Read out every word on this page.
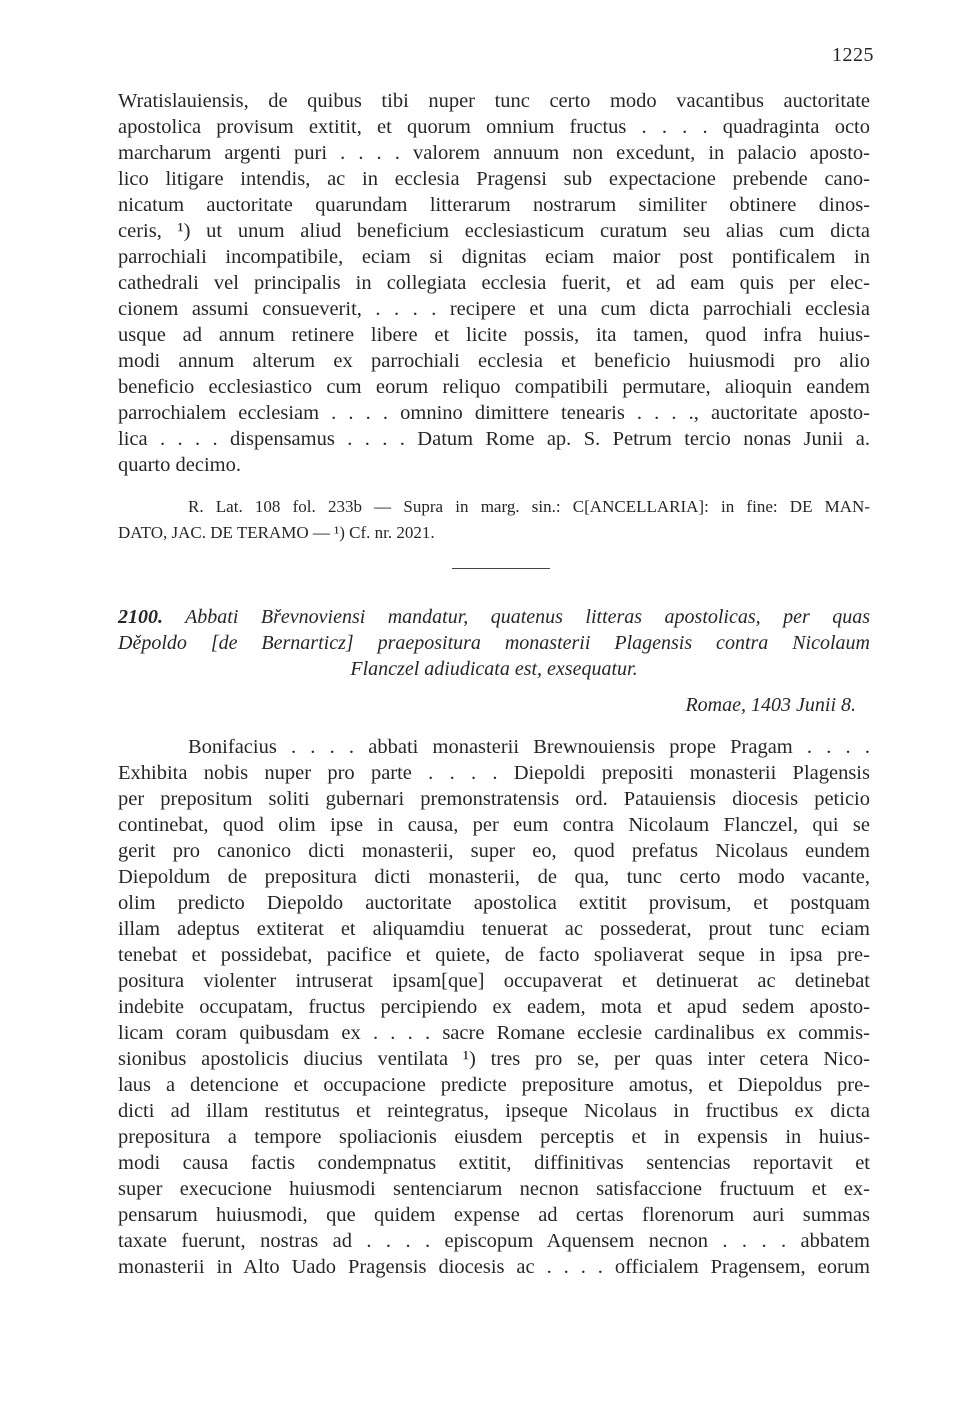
1225
Wratislauiensis, de quibus tibi nuper tunc certo modo vacantibus auctoritate
apostolica provisum extitit, et quorum omnium fructus . . . . quadraginta octo
marcharum argenti puri . . . . valorem annuum non excedunt, in palacio aposto-
lico litigare intendis, ac in ecclesia Pragensi sub expectacione prebende cano-
nicatum auctoritate quarundam litterarum nostrarum similiter obtinere dinos-
ceris, ¹) ut unum aliud beneficium ecclesiasticum curatum seu alias cum dicta
parrochiali incompatibile, eciam si dignitas eciam maior post pontificalem in
cathedrali vel principalis in collegiata ecclesia fuerit, et ad eam quis per elec-
cionem assumi consueverit, . . . . recipere et una cum dicta parrochiali ecclesia
usque ad annum retinere libere et licite possis, ita tamen, quod infra huius-
modi annum alterum ex parrochiali ecclesia et beneficio huiusmodi pro alio
beneficio ecclesiastico cum eorum reliquo compatibili permutare, alioquin eandem
parrochialem ecclesiam . . . . omnino dimittere tenearis . . . ., auctoritate aposto-
lica . . . . dispensamus . . . . Datum Rome ap. S. Petrum tercio nonas Junii a.
quarto decimo.
R. Lat. 108 fol. 233b — Supra in marg. sin.: C[ANCELLARIA]: in fine: DE MAN-
DATO, JAC. DE TERAMO — ¹) Cf. nr. 2021.
2100. Abbati Břevnoviensi mandatur, quatenus litteras apostolicas, per quas
Děpoldo [de Bernarticz] praepositura monasterii Plagensis contra Nicolaum
Flanczel adiudicata est, exsequatur.
Romae, 1403 Junii 8.
Bonifacius . . . . abbati monasterii Brewnouiensis prope Pragam . . . .
Exhibita nobis nuper pro parte . . . . Diepoldi prepositi monasterii Plagensis
per prepositum soliti gubernari premonstratensis ord. Patauiensis diocesis peticio
continebat, quod olim ipse in causa, per eum contra Nicolaum Flanczel, qui se
gerit pro canonico dicti monasterii, super eo, quod prefatus Nicolaus eundem
Diepoldum de prepositura dicti monasterii, de qua, tunc certo modo vacante,
olim predicto Diepoldo auctoritate apostolica extitit provisum, et postquam
illam adeptus extiterat et aliquamdiu tenuerat ac possederat, prout tunc eciam
tenebat et possidebat, pacifice et quiete, de facto spoliaverat seque in ipsa pre-
positura violenter intruserat ipsam[que] occupaverat et detinuerat ac detinebat
indebite occupatam, fructus percipiendo ex eadem, mota et apud sedem aposto-
licam coram quibusdam ex . . . . sacre Romane ecclesie cardinalibus ex commis-
sionibus apostolicis diucius ventilata ¹) tres pro se, per quas inter cetera Nico-
laus a detencione et occupacione predicte prepositure amotus, et Diepoldus pre-
dicti ad illam restitutus et reintegratus, ipseque Nicolaus in fructibus ex dicta
prepositura a tempore spoliacionis eiusdem perceptis et in expensis in huius-
modi causa factis condempnatus extitit, diffinitivas sentencias reportavit et
super execucione huiusmodi sentenciarum necnon satisfaccione fructuum et ex-
pensarum huiusmodi, que quidem expense ad certas florenorum auri summas
taxate fuerunt, nostras ad . . . . episcopum Aquensem necnon . . . . abbatem
monasterii in Alto Uado Pragensis diocesis ac . . . . officialem Pragensem, eorum
